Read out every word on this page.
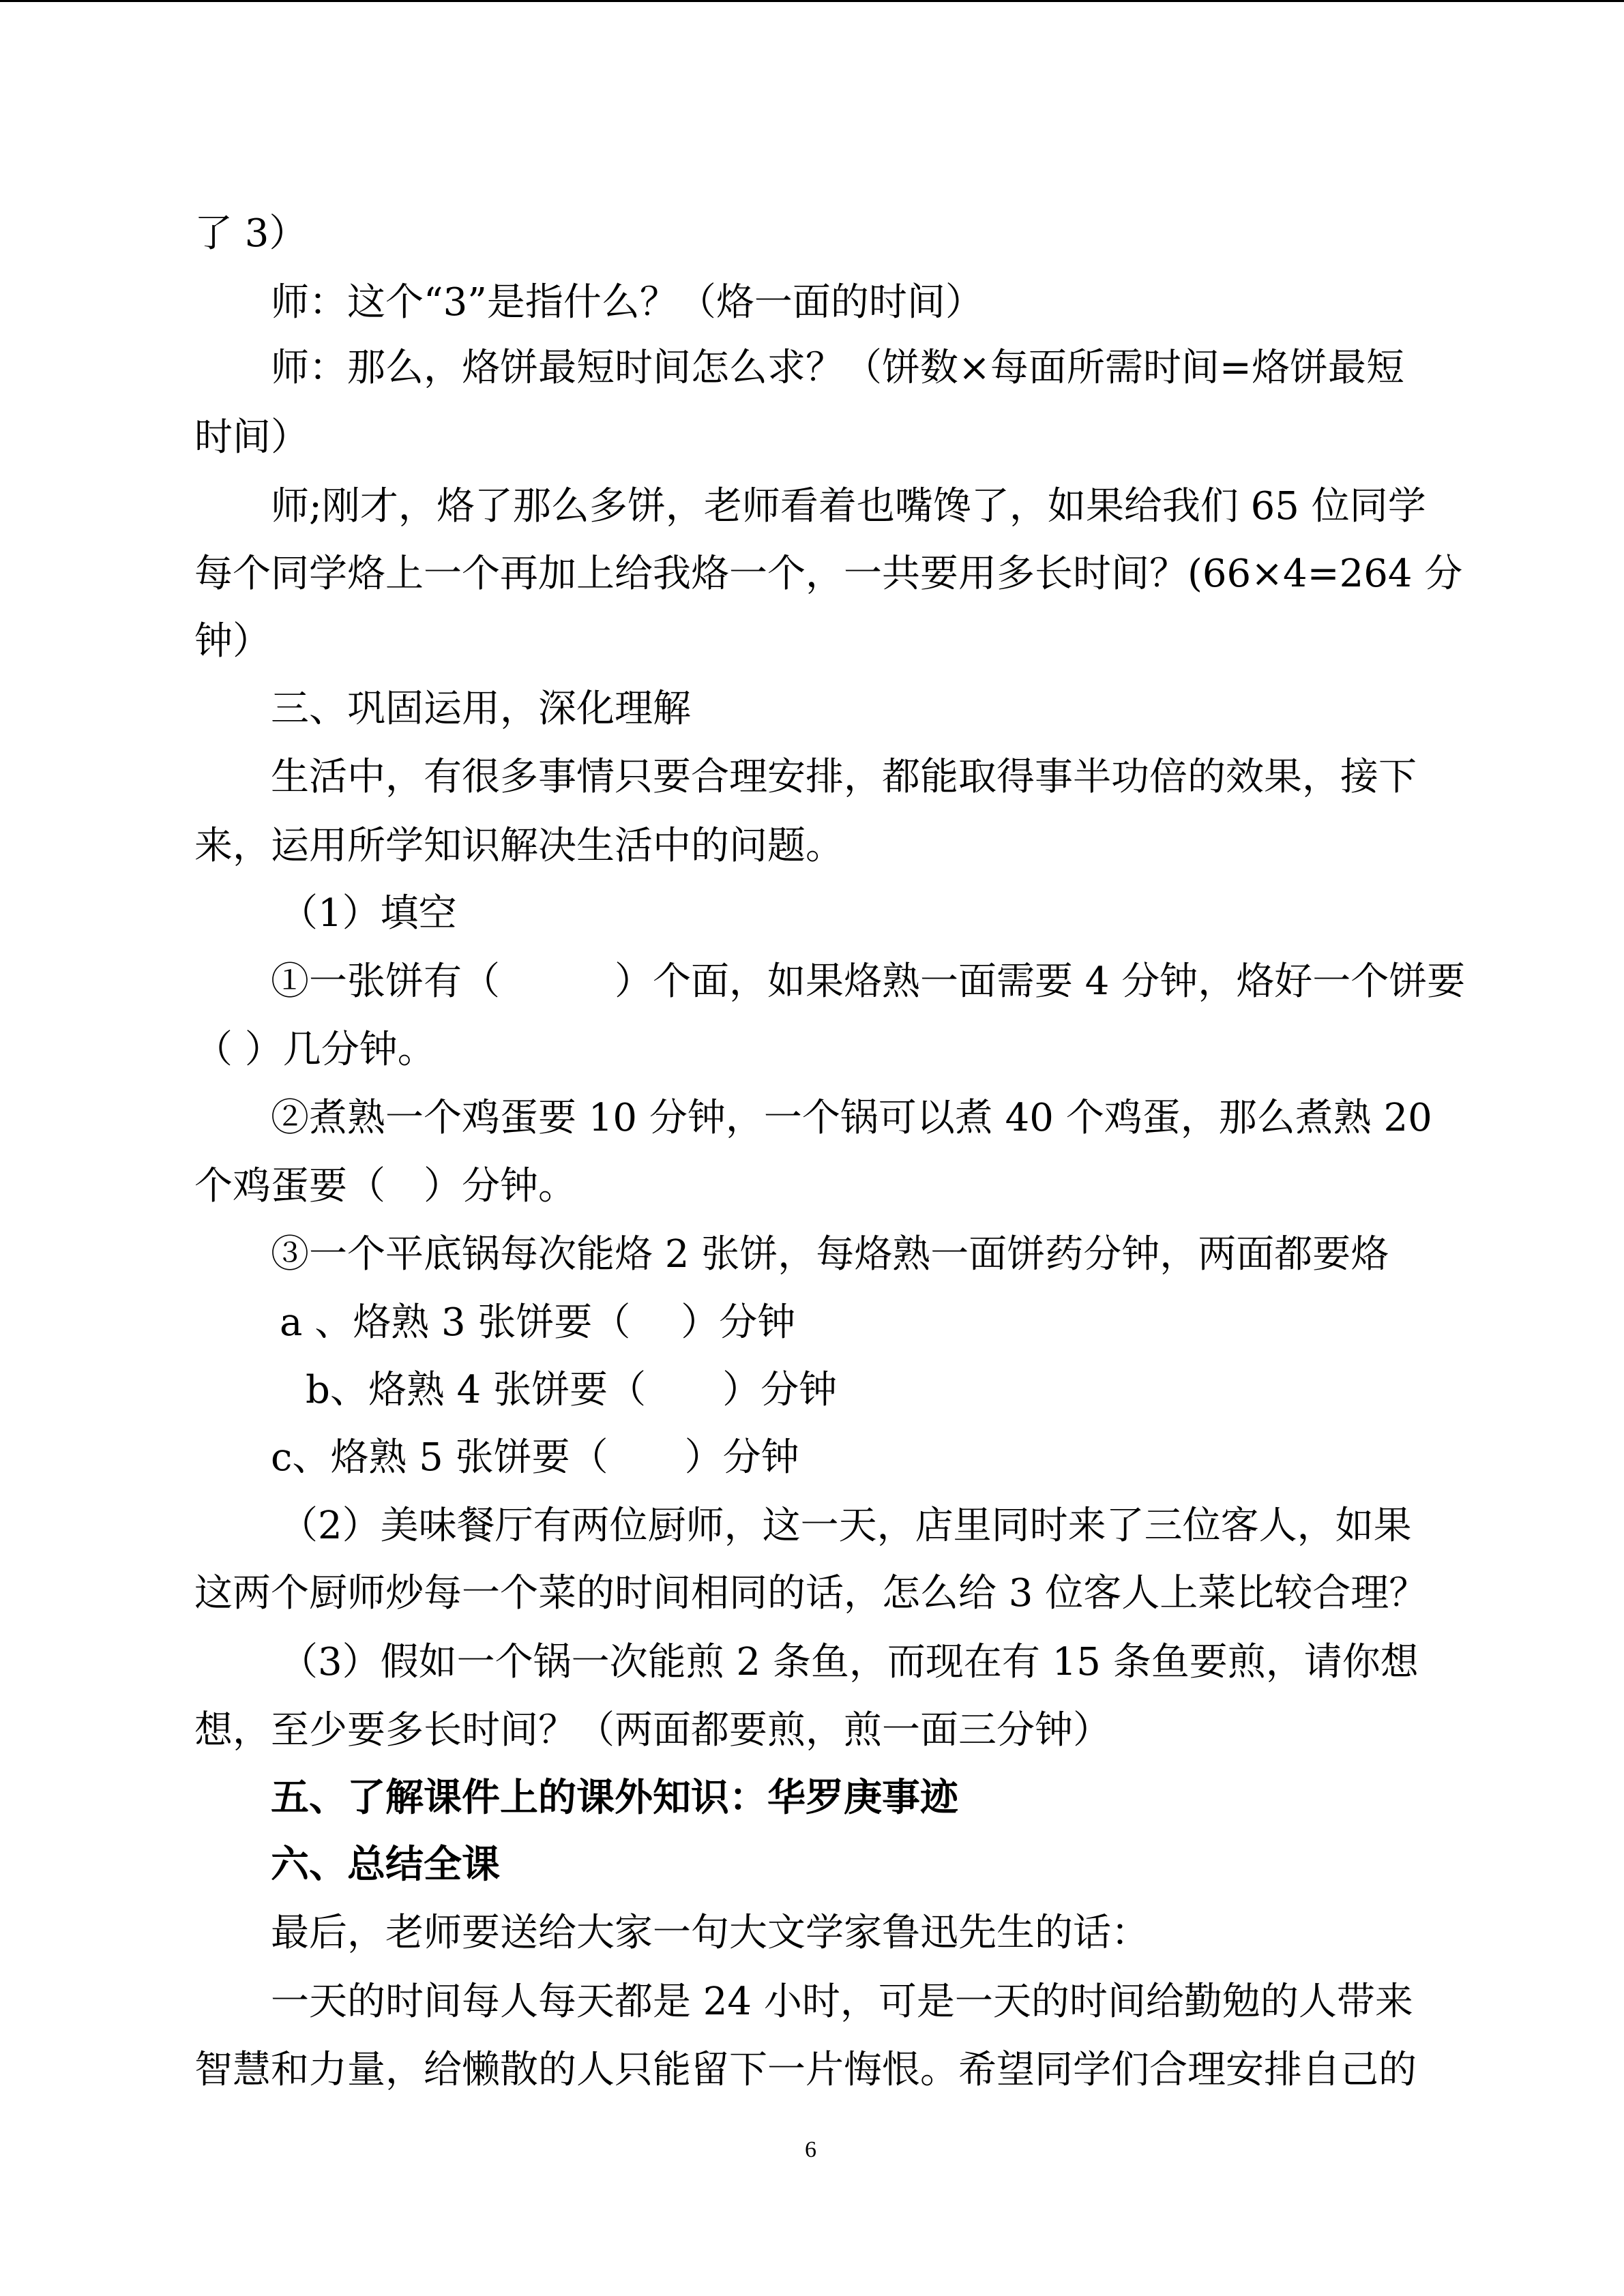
了 3）
师：这个“3”是指什么？（烙一面的时间）
师：那么，烙饼最短时间怎么求？（饼数×每面所需时间=烙饼最短
时间）
师;刚才，烙了那么多饼，老师看着也嘴馋了，如果给我们 65 位同学
每个同学烙上一个再加上给我烙一个，一共要用多长时间？(66×4=264 分
钟）
三、巩固运用，深化理解
生活中，有很多事情只要合理安排，都能取得事半功倍的效果，接下
来，运用所学知识解决生活中的问题。
（1）填空
①一张饼有（　　　）个面，如果烙熟一面需要 4 分钟，烙好一个饼要
（ ）几分钟。
②煮熟一个鸡蛋要 10 分钟，一个锅可以煮 40 个鸡蛋，那么煮熟 20
个鸡蛋要（　）分钟。
③一个平底锅每次能烙 2 张饼，每烙熟一面饼药分钟，两面都要烙
a 、烙熟 3 张饼要（　 ）分钟
b、烙熟 4 张饼要（　　）分钟
c、烙熟 5 张饼要（　　）分钟
（2）美味餐厅有两位厨师，这一天，店里同时来了三位客人，如果
这两个厨师炒每一个菜的时间相同的话，怎么给 3 位客人上菜比较合理？
（3）假如一个锅一次能煎 2 条鱼，而现在有 15 条鱼要煎，请你想
想，至少要多长时间？（两面都要煎，煎一面三分钟）
五、了解课件上的课外知识：华罗庚事迹
六、总结全课
最后，老师要送给大家一句大文学家鲁迅先生的话：
一天的时间每人每天都是 24 小时，可是一天的时间给勤勉的人带来
智慧和力量，给懒散的人只能留下一片悔恨。希望同学们合理安排自己的
6
